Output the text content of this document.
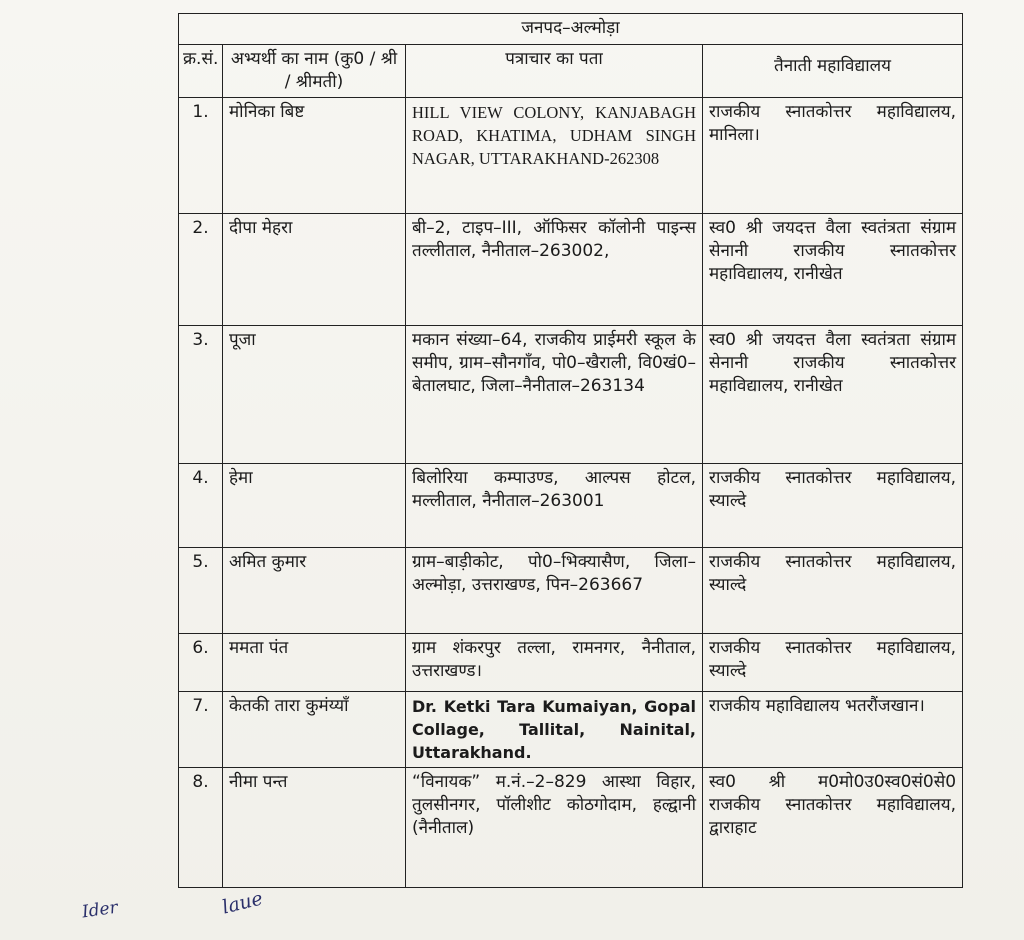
जनपद–अल्मोड़ा			
क्र.सं.	अभ्यर्थी का नाम (कु0 / श्री / श्रीमती)	पत्राचार का पता	तैनाती महाविद्यालय
1.	मोनिका बिष्ट	HILL VIEW COLONY, KANJABAGH ROAD, KHATIMA, UDHAM SINGH NAGAR, UTTARAKHAND-262308	राजकीय स्नातकोत्तर महाविद्यालय, मानिला।
2.	दीपा मेहरा	बी–2, टाइप–III, ऑफिसर कॉलोनी पाइन्स तल्लीताल, नैनीताल–263002,	स्व0 श्री जयदत्त वैला स्वतंत्रता संग्राम सेनानी राजकीय स्नातकोत्तर महाविद्यालय, रानीखेत
3.	पूजा	मकान संख्या–64, राजकीय प्राईमरी स्कूल के समीप, ग्राम–सौनगाँव, पो0–खैराली, वि0खं0–बेतालघाट, जिला–नैनीताल–263134	स्व0 श्री जयदत्त वैला स्वतंत्रता संग्राम सेनानी राजकीय स्नातकोत्तर महाविद्यालय, रानीखेत
4.	हेमा	बिलोरिया कम्पाउण्ड, आल्पस होटल, मल्लीताल, नैनीताल–263001	राजकीय स्नातकोत्तर महाविद्यालय, स्याल्दे
5.	अमित कुमार	ग्राम–बाड़ीकोट, पो0–भिक्यासैण, जिला–अल्मोड़ा, उत्तराखण्ड, पिन–263667	राजकीय स्नातकोत्तर महाविद्यालय, स्याल्दे
6.	ममता पंत	ग्राम शंकरपुर तल्ला, रामनगर, नैनीताल, उत्तराखण्ड।	राजकीय स्नातकोत्तर महाविद्यालय, स्याल्दे
7.	केतकी तारा कुमंय्याँ	Dr. Ketki Tara Kumaiyan, Gopal Collage, Tallital, Nainital, Uttarakhand.	राजकीय महाविद्यालय भतरौंजखान।
8.	नीमा पन्त	“विनायक” म.नं.–2–829 आस्था विहार, तुलसीनगर, पॉलीशीट कोठगोदाम, हल्द्वानी (नैनीताल)	स्व0 श्री म0मो0उ0स्व0सं0से0 राजकीय स्नातकोत्तर महाविद्यालय, द्वाराहाट
Ider	laue
